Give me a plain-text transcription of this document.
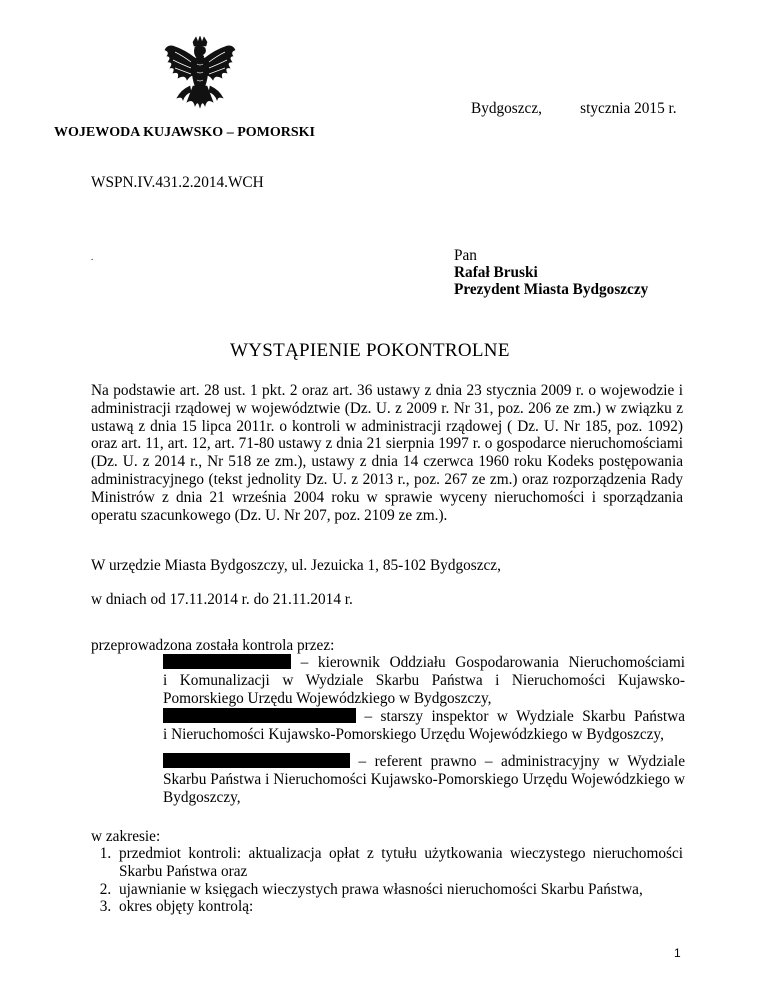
Bydgoszcz,          stycznia 2015 r.
WOJEWODA KUJAWSKO – POMORSKI
WSPN.IV.431.2.2014.WCH
.	Pan
Rafał Bruski
Prezydent Miasta Bydgoszczy
WYSTĄPIENIE POKONTROLNE
Na podstawie art. 28 ust. 1 pkt. 2 oraz art. 36 ustawy z dnia 23 stycznia 2009 r. o wojewodzie i administracji rządowej w województwie (Dz. U. z 2009 r. Nr 31, poz. 206 ze zm.) w związku z ustawą z dnia 15 lipca 2011r. o kontroli w administracji rządowej ( Dz. U. Nr 185, poz. 1092) oraz art. 11, art. 12, art. 71-80 ustawy z dnia 21 sierpnia 1997 r. o gospodarce nieruchomościami (Dz. U. z 2014 r., Nr 518 ze zm.), ustawy z dnia 14 czerwca 1960 roku Kodeks postępowania administracyjnego (tekst jednolity Dz. U. z 2013 r., poz. 267 ze zm.) oraz rozporządzenia Rady Ministrów z dnia 21 września 2004 roku w sprawie wyceny nieruchomości i sporządzania operatu szacunkowego (Dz. U. Nr 207, poz. 2109 ze zm.).
W urzędzie Miasta Bydgoszczy, ul. Jezuicka 1, 85-102 Bydgoszcz,
w dniach od 17.11.2014 r. do 21.11.2014 r.
przeprowadzona została kontrola przez:
– kierownik Oddziału Gospodarowania Nieruchomościami
i Komunalizacji w Wydziale Skarbu Państwa i Nieruchomości Kujawsko-Pomorskiego Urzędu Wojewódzkiego w Bydgoszczy,
– starszy inspektor w Wydziale Skarbu Państwa
i Nieruchomości Kujawsko-Pomorskiego Urzędu Wojewódzkiego w Bydgoszczy,
– referent prawno – administracyjny w Wydziale
Skarbu Państwa i Nieruchomości Kujawsko-Pomorskiego Urzędu Wojewódzkiego w Bydgoszczy,
w zakresie:
1. przedmiot kontroli: aktualizacja opłat z tytułu użytkowania wieczystego nieruchomości Skarbu Państwa oraz
2. ujawnianie w księgach wieczystych prawa własności nieruchomości Skarbu Państwa,
3. okres objęty kontrolą:
1
